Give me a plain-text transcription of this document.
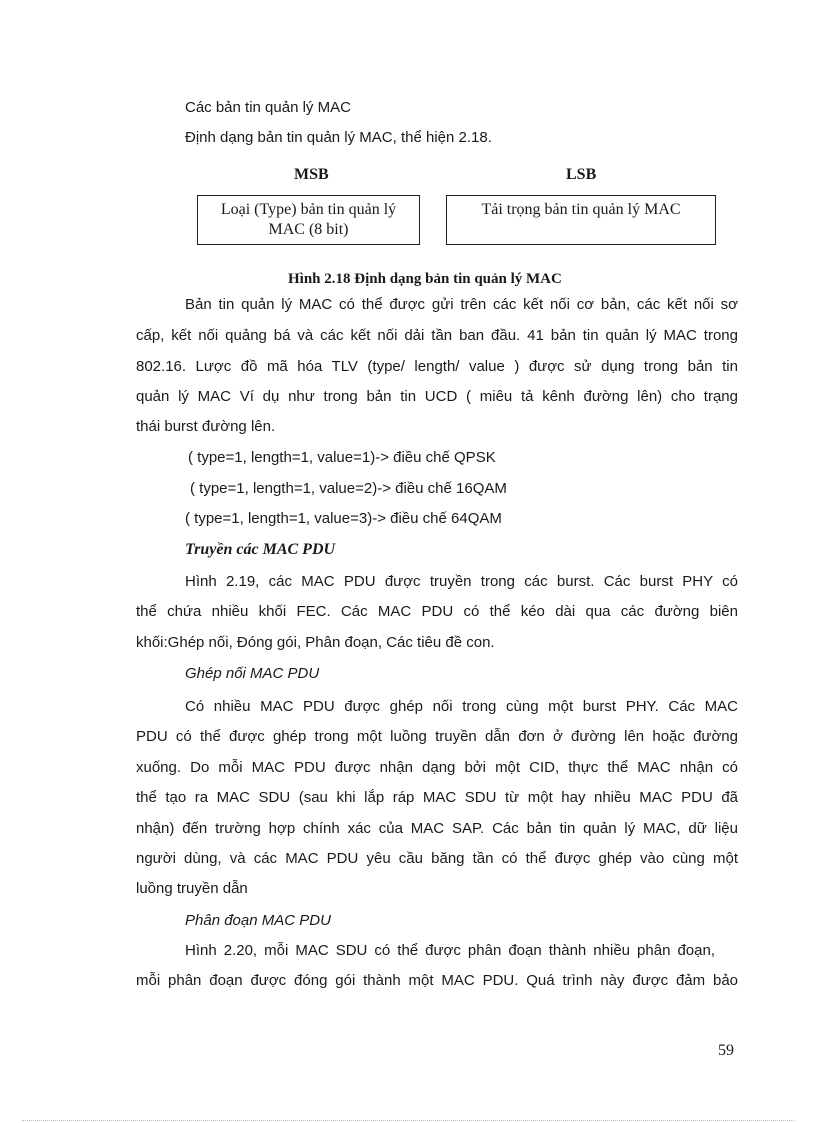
Các bản tin quản lý MAC
Định dạng bản tin quản lý MAC, thể hiện 2.18.
MSB	LSB
Loại (Type) bản tin quản lý
MAC (8 bit)
Tải trọng bản tin quản lý MAC
Hình 2.18 Định dạng bản tin quản lý MAC
Bản tin quản lý MAC có thể được gửi trên các kết nối cơ bản, các kết nối sơ
cấp, kết nối quảng bá và các kết nối dải tần ban đầu. 41 bản tin quản lý MAC trong
802.16. Lược đồ mã hóa TLV (type/ length/ value ) được sử dụng trong bản tin
quản lý MAC Ví dụ như trong bản tin UCD ( miêu tả kênh đường lên) cho trạng
thái burst đường lên.
( type=1, length=1, value=1)-> điều chế QPSK
( type=1, length=1, value=2)-> điều chế 16QAM
( type=1, length=1, value=3)-> điều chế 64QAM
Truyền các MAC PDU
Hình 2.19, các MAC PDU được truyền trong các burst. Các burst PHY có
thể chứa nhiều khối FEC. Các MAC PDU có thể kéo dài qua các đường biên
khối:Ghép nối, Đóng gói, Phân đoạn, Các tiêu đề con.
Ghép nối MAC PDU
Có nhiều MAC PDU được ghép nối trong cùng một burst PHY. Các MAC
PDU có thể được ghép trong một luồng truyền dẫn đơn ở đường lên hoặc đường
xuống. Do mỗi MAC PDU được nhận dạng bởi một CID, thực thể MAC nhận có
thể tạo ra MAC SDU (sau khi lắp ráp MAC SDU từ một hay nhiều MAC PDU đã
nhận) đến trường hợp chính xác của MAC SAP. Các bản tin quản lý MAC, dữ liệu
người dùng, và các MAC PDU yêu cầu băng tần có thể được ghép vào cùng một
luồng truyền dẫn
Phân đoạn MAC PDU
Hình 2.20, mỗi MAC SDU có thể được phân đoạn thành nhiều phân đoạn,
mỗi phân đoạn được đóng gói thành một MAC PDU. Quá trình này được đảm bảo
59
